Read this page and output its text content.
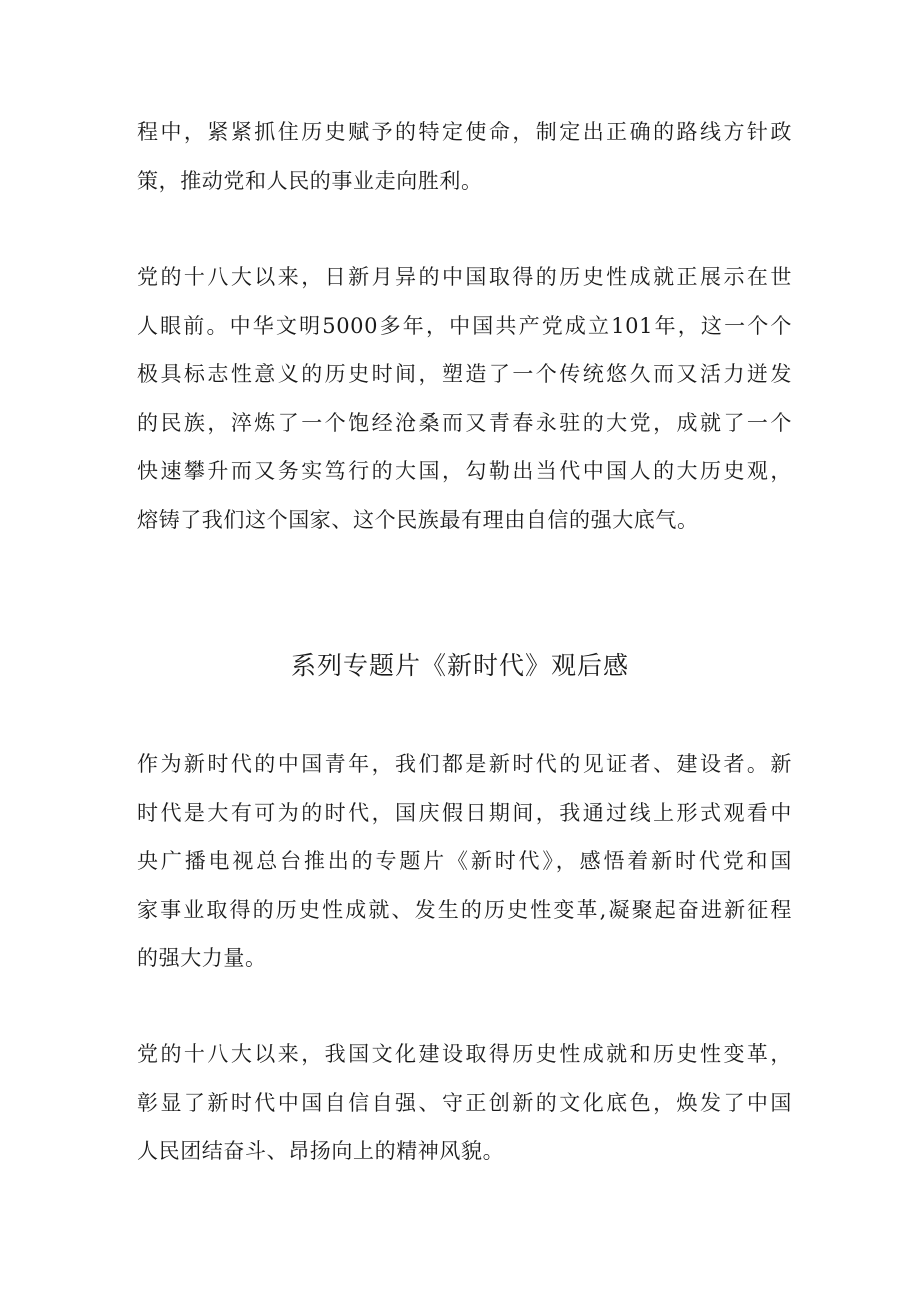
程中，紧紧抓住历史赋予的特定使命，制定出正确的路线方针政
策，推动党和人民的事业走向胜利。
党的十八大以来，日新月异的中国取得的历史性成就正展示在世
人眼前。中华文明5000多年，中国共产党成立101年，这一个个
极具标志性意义的历史时间，塑造了一个传统悠久而又活力迸发
的民族，淬炼了一个饱经沧桑而又青春永驻的大党，成就了一个
快速攀升而又务实笃行的大国，勾勒出当代中国人的大历史观，
熔铸了我们这个国家、这个民族最有理由自信的强大底气。
系列专题片《新时代》观后感
作为新时代的中国青年，我们都是新时代的见证者、建设者。新
时代是大有可为的时代，国庆假日期间，我通过线上形式观看中
央广播电视总台推出的专题片《新时代》，感悟着新时代党和国
家事业取得的历史性成就、发生的历史性变革,凝聚起奋进新征程
的强大力量。
党的十八大以来，我国文化建设取得历史性成就和历史性变革，
彰显了新时代中国自信自强、守正创新的文化底色，焕发了中国
人民团结奋斗、昂扬向上的精神风貌。
